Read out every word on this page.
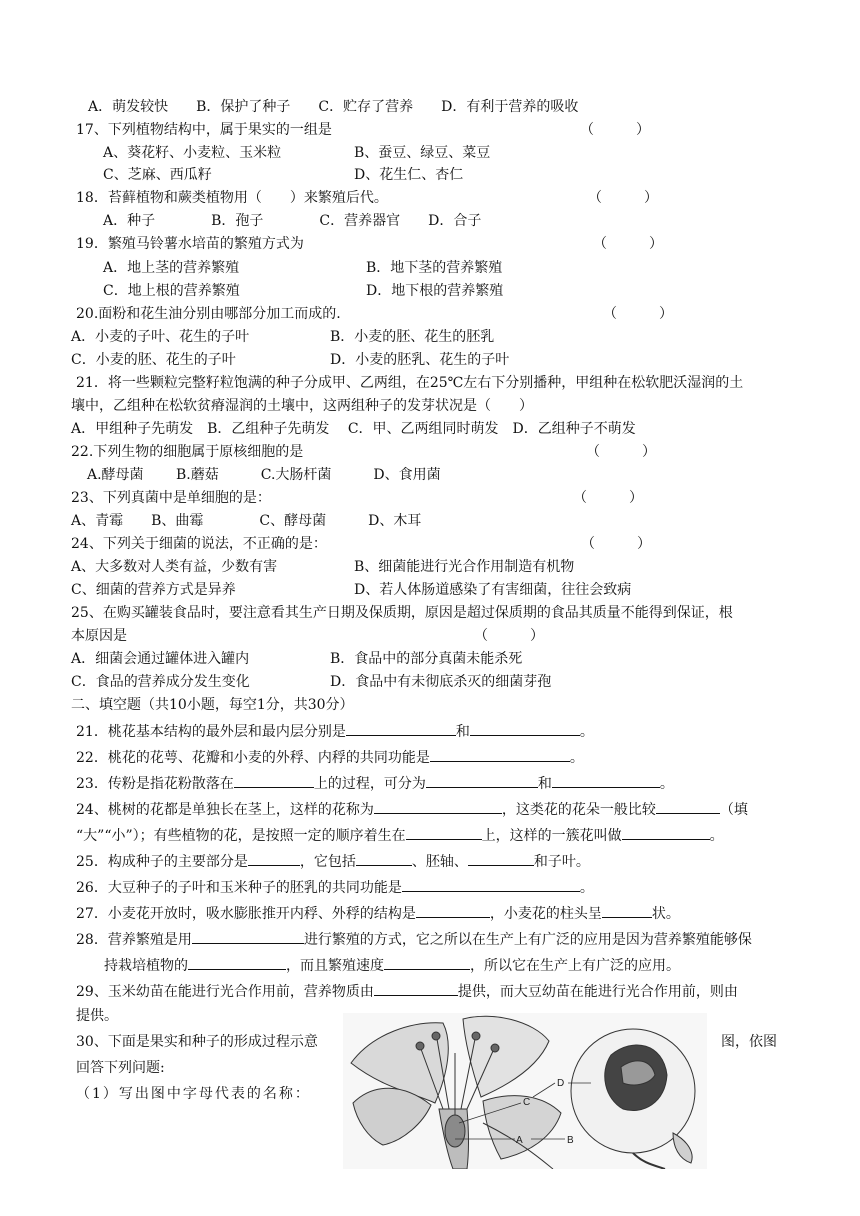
A．萌发较快　　B．保护了种子　　C．贮存了营养　　D．有利于营养的吸收
17、下列植物结构中，属于果实的一组是	（　　　）
A、葵花籽、小麦粒、玉米粒	B、蚕豆、绿豆、菜豆
C、芝麻、西瓜籽	D、花生仁、杏仁
18．苔藓植物和蕨类植物用（　　）来繁殖后代。	（　　　）
A．种子　　　　B．孢子　　　　C．营养器官　　D．合子
19．繁殖马铃薯水培苗的繁殖方式为	（　　　）
A．地上茎的营养繁殖	B．地下茎的营养繁殖
C．地上根的营养繁殖	D．地下根的营养繁殖
20.面粉和花生油分别由哪部分加工而成的.	（　　　）
A．小麦的子叶、花生的子叶	B．小麦的胚、花生的胚乳
C．小麦的胚、花生的子叶	D．小麦的胚乳、花生的子叶
21．将一些颗粒完整籽粒饱满的种子分成甲、乙两组，在25℃左右下分别播种，甲组种在松软肥沃湿润的土
壤中，乙组种在松软贫瘠湿润的土壤中，这两组种子的发芽状况是（　　）
A．甲组种子先萌发　B．乙组种子先萌发　 C．甲、乙两组同时萌发　D．乙组种子不萌发
22.下列生物的细胞属于原核细胞的是	（　　　）
A.酵母菌　　 B.蘑菇　　　C.大肠杆菌　　　D、食用菌
23、下列真菌中是单细胞的是：	（　　　）
A、青霉　　B、曲霉　　　　C、酵母菌　　　D、木耳
24、下列关于细菌的说法，不正确的是：	（　　　）
A、大多数对人类有益，少数有害	B、细菌能进行光合作用制造有机物
C、细菌的营养方式是异养	D、若人体肠道感染了有害细菌，往往会致病
25、在购买罐装食品时，要注意看其生产日期及保质期，原因是超过保质期的食品其质量不能得到保证，根
本原因是	（　　　）
A．细菌会通过罐体进入罐内	B．食品中的部分真菌未能杀死
C．食品的营养成分发生变化	D．食品中有未彻底杀灭的细菌芽孢
二、填空题（共10小题，每空1分，共30分）
21．桃花基本结构的最外层和最内层分别是	和	。
22．桃花的花萼、花瓣和小麦的外稃、内稃的共同功能是	。
23．传粉是指花粉散落在	上的过程，可分为	和	。
24、桃树的花都是单独长在茎上，这样的花称为	，这类花的花朵一般比较	（填
“大”“小”）；有些植物的花，是按照一定的顺序着生在	上，这样的一簇花叫做	。
25．构成种子的主要部分是	，它包括	、胚轴、	和子叶。
26．大豆种子的子叶和玉米种子的胚乳的共同功能是	。
27．小麦花开放时，吸水膨胀推开内稃、外稃的结构是	，小麦花的柱头呈	状。
28．营养繁殖是用	进行繁殖的方式，它之所以在生产上有广泛的应用是因为营养繁殖能够保
持栽培植物的	，而且繁殖速度	，所以它在生产上有广泛的应用。
29、玉米幼苗在能进行光合作用前，营养物质由	提供，而大豆幼苗在能进行光合作用前，则由
提供。
30、下面是果实和种子的形成过程示意	图，依图
回答下列问题:
（1）写出图中字母代表的名称：
A	B
C
D
